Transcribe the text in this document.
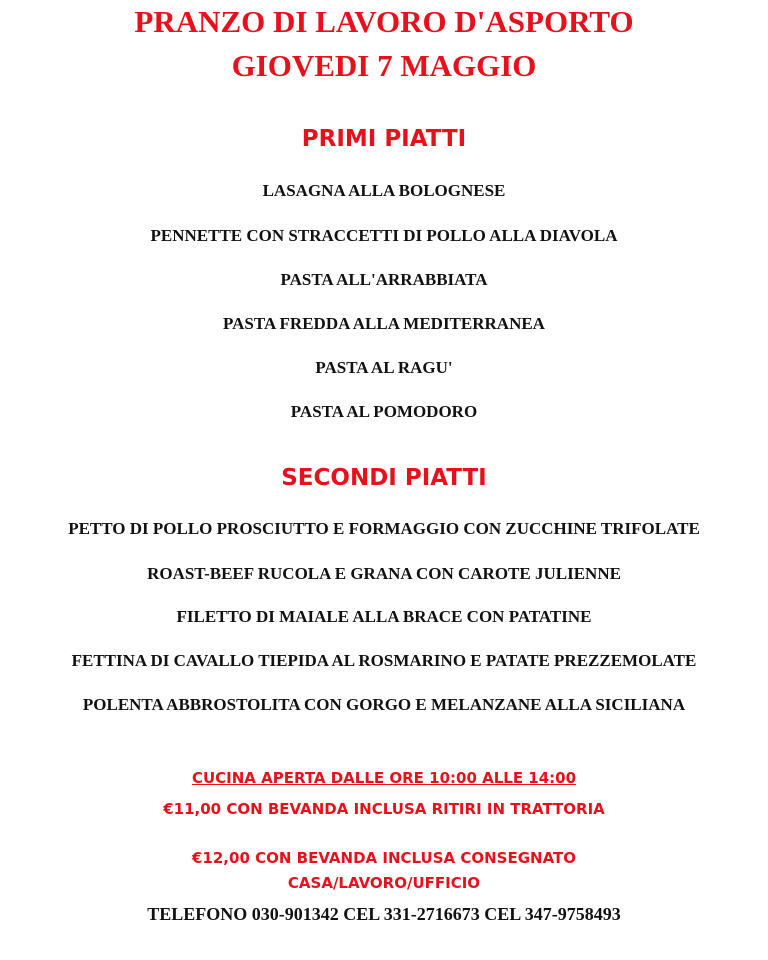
PRANZO DI LAVORO D'ASPORTO
GIOVEDI 7 MAGGIO
PRIMI PIATTI
LASAGNA ALLA BOLOGNESE
PENNETTE CON STRACCETTI DI POLLO ALLA DIAVOLA
PASTA ALL'ARRABBIATA
PASTA FREDDA ALLA MEDITERRANEA
PASTA AL RAGU'
PASTA AL POMODORO
SECONDI PIATTI
PETTO DI POLLO PROSCIUTTO E FORMAGGIO CON ZUCCHINE TRIFOLATE
ROAST-BEEF RUCOLA E GRANA CON CAROTE JULIENNE
FILETTO DI MAIALE ALLA BRACE CON PATATINE
FETTINA DI CAVALLO TIEPIDA AL ROSMARINO E PATATE PREZZEMOLATE
POLENTA ABBROSTOLITA CON GORGO E MELANZANE ALLA SICILIANA
CUCINA APERTA DALLE ORE 10:00 ALLE 14:00
€11,00 CON BEVANDA INCLUSA RITIRI IN TRATTORIA
€12,00 CON BEVANDA INCLUSA CONSEGNATO
CASA/LAVORO/UFFICIO
TELEFONO 030-901342 CEL 331-2716673 CEL 347-9758493
